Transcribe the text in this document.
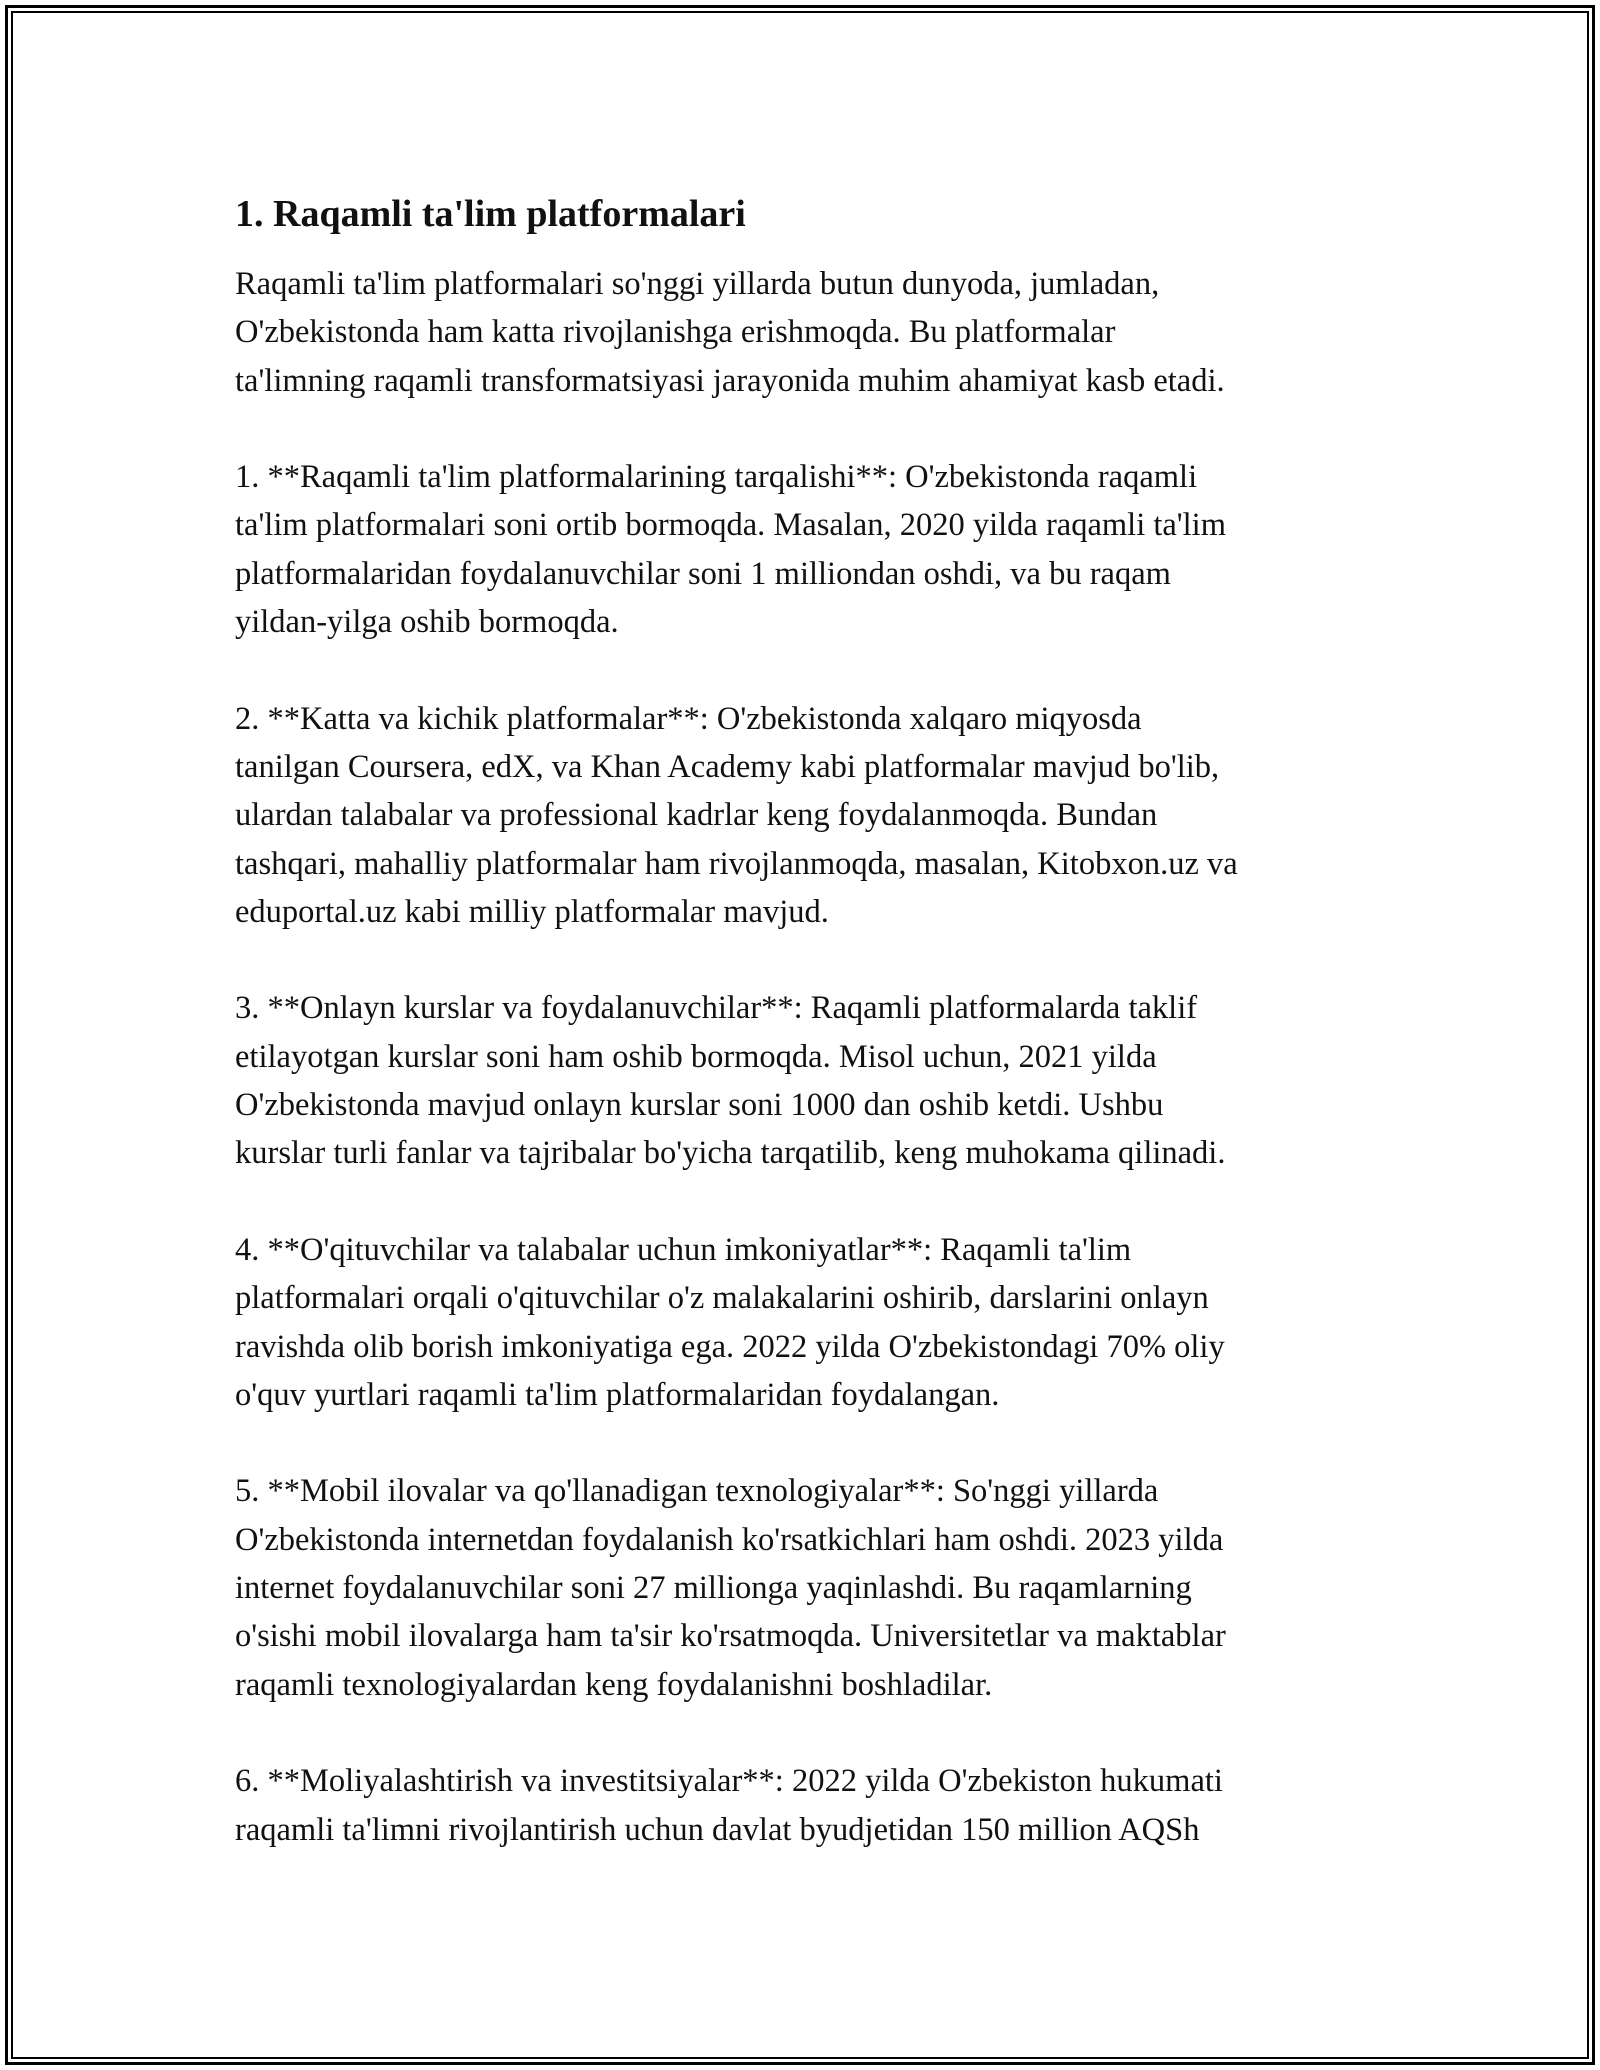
1. Raqamli ta'lim platformalari
Raqamli ta'lim platformalari so'nggi yillarda butun dunyoda, jumladan,
O'zbekistonda ham katta rivojlanishga erishmoqda. Bu platformalar
ta'limning raqamli transformatsiyasi jarayonida muhim ahamiyat kasb etadi.
1. **Raqamli ta'lim platformalarining tarqalishi**: O'zbekistonda raqamli
ta'lim platformalari soni ortib bormoqda. Masalan, 2020 yilda raqamli ta'lim
platformalaridan foydalanuvchilar soni 1 milliondan oshdi, va bu raqam
yildan-yilga oshib bormoqda.
2. **Katta va kichik platformalar**: O'zbekistonda xalqaro miqyosda
tanilgan Coursera, edX, va Khan Academy kabi platformalar mavjud bo'lib,
ulardan talabalar va professional kadrlar keng foydalanmoqda. Bundan
tashqari, mahalliy platformalar ham rivojlanmoqda, masalan, Kitobxon.uz va
eduportal.uz kabi milliy platformalar mavjud.
3. **Onlayn kurslar va foydalanuvchilar**: Raqamli platformalarda taklif
etilayotgan kurslar soni ham oshib bormoqda. Misol uchun, 2021 yilda
O'zbekistonda mavjud onlayn kurslar soni 1000 dan oshib ketdi. Ushbu
kurslar turli fanlar va tajribalar bo'yicha tarqatilib, keng muhokama qilinadi.
4. **O'qituvchilar va talabalar uchun imkoniyatlar**: Raqamli ta'lim
platformalari orqali o'qituvchilar o'z malakalarini oshirib, darslarini onlayn
ravishda olib borish imkoniyatiga ega. 2022 yilda O'zbekistondagi 70% oliy
o'quv yurtlari raqamli ta'lim platformalaridan foydalangan.
5. **Mobil ilovalar va qo'llanadigan texnologiyalar**: So'nggi yillarda
O'zbekistonda internetdan foydalanish ko'rsatkichlari ham oshdi. 2023 yilda
internet foydalanuvchilar soni 27 millionga yaqinlashdi. Bu raqamlarning
o'sishi mobil ilovalarga ham ta'sir ko'rsatmoqda. Universitetlar va maktablar
raqamli texnologiyalardan keng foydalanishni boshladilar.
6. **Moliyalashtirish va investitsiyalar**: 2022 yilda O'zbekiston hukumati
raqamli ta'limni rivojlantirish uchun davlat byudjetidan 150 million AQSh
